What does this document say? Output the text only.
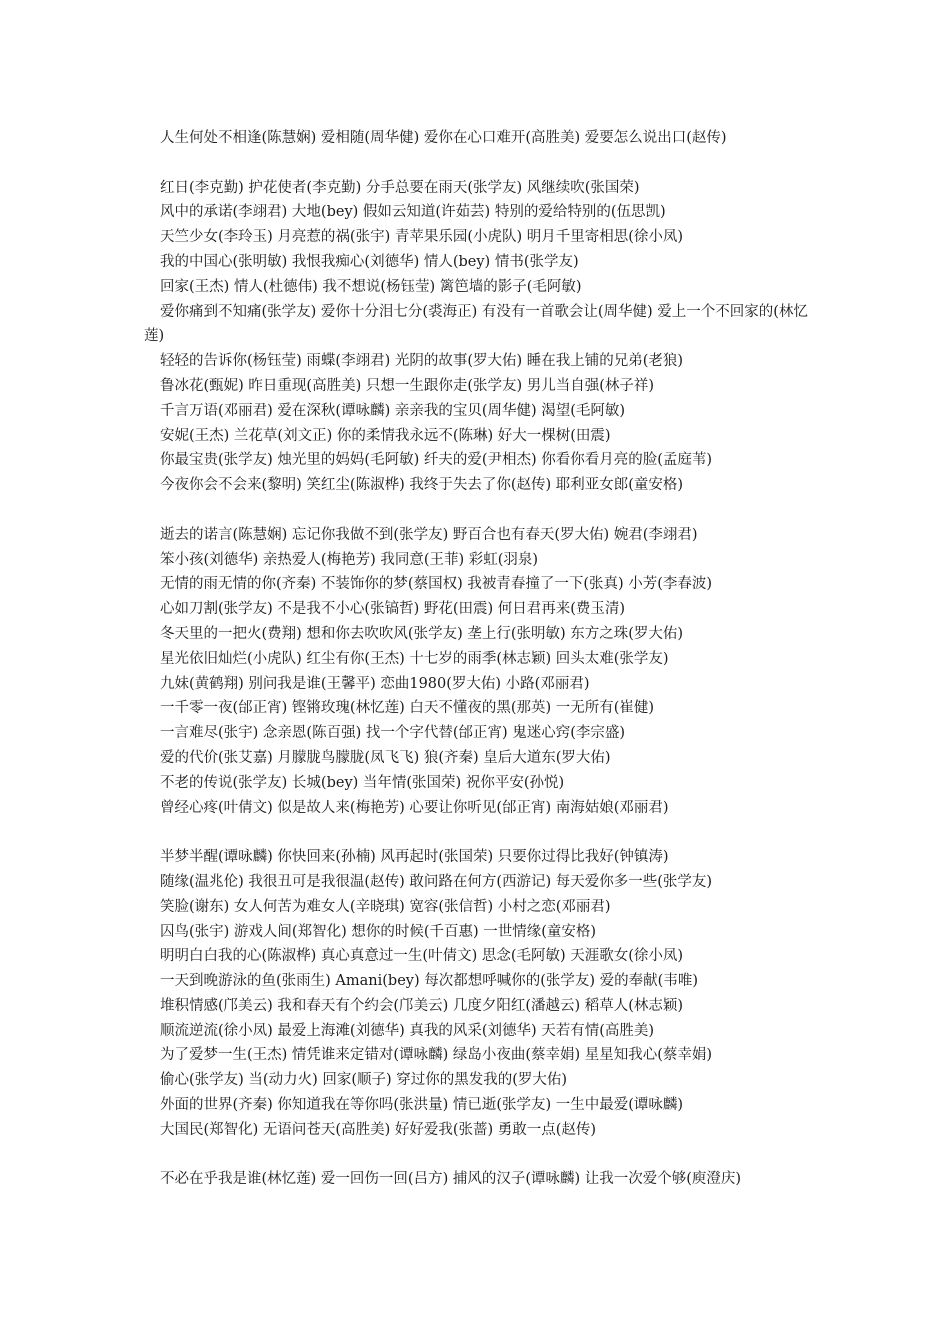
人生何处不相逢(陈慧娴) 爱相随(周华健) 爱你在心口难开(高胜美) 爱要怎么说出口(赵传)
红日(李克勤) 护花使者(李克勤) 分手总要在雨天(张学友) 风继续吹(张国荣)
风中的承诺(李翊君) 大地(bey) 假如云知道(许茹芸) 特别的爱给特别的(伍思凯)
天竺少女(李玲玉) 月亮惹的祸(张宇) 青苹果乐园(小虎队) 明月千里寄相思(徐小凤)
我的中国心(张明敏) 我恨我痴心(刘德华) 情人(bey) 情书(张学友)
回家(王杰) 情人(杜德伟) 我不想说(杨钰莹) 篱笆墙的影子(毛阿敏)
爱你痛到不知痛(张学友) 爱你十分泪七分(裘海正) 有没有一首歌会让(周华健) 爱上一个不回家的(林忆莲)
轻轻的告诉你(杨钰莹) 雨蝶(李翊君) 光阴的故事(罗大佑) 睡在我上铺的兄弟(老狼)
鲁冰花(甄妮) 昨日重现(高胜美) 只想一生跟你走(张学友) 男儿当自强(林子祥)
千言万语(邓丽君) 爱在深秋(谭咏麟) 亲亲我的宝贝(周华健) 渴望(毛阿敏)
安妮(王杰) 兰花草(刘文正) 你的柔情我永远不(陈琳) 好大一棵树(田震)
你最宝贵(张学友) 烛光里的妈妈(毛阿敏) 纤夫的爱(尹相杰) 你看你看月亮的脸(孟庭苇)
今夜你会不会来(黎明) 笑红尘(陈淑桦) 我终于失去了你(赵传) 耶利亚女郎(童安格)
逝去的诺言(陈慧娴) 忘记你我做不到(张学友) 野百合也有春天(罗大佑) 婉君(李翊君)
笨小孩(刘德华) 亲热爱人(梅艳芳) 我同意(王菲) 彩虹(羽泉)
无情的雨无情的你(齐秦) 不装饰你的梦(蔡国权) 我被青春撞了一下(张真) 小芳(李春波)
心如刀割(张学友) 不是我不小心(张镐哲) 野花(田震) 何日君再来(费玉清)
冬天里的一把火(费翔) 想和你去吹吹风(张学友) 垄上行(张明敏) 东方之珠(罗大佑)
星光依旧灿烂(小虎队) 红尘有你(王杰) 十七岁的雨季(林志颖) 回头太难(张学友)
九妹(黄鹤翔) 别问我是谁(王馨平) 恋曲1980(罗大佑) 小路(邓丽君)
一千零一夜(邰正宵) 铿锵玫瑰(林忆莲) 白天不懂夜的黑(那英) 一无所有(崔健)
一言难尽(张宇) 念亲恩(陈百强) 找一个字代替(邰正宵) 鬼迷心窍(李宗盛)
爱的代价(张艾嘉) 月朦胧鸟朦胧(凤飞飞) 狼(齐秦) 皇后大道东(罗大佑)
不老的传说(张学友) 长城(bey) 当年情(张国荣) 祝你平安(孙悦)
曾经心疼(叶倩文) 似是故人来(梅艳芳) 心要让你听见(邰正宵) 南海姑娘(邓丽君)
半梦半醒(谭咏麟) 你快回来(孙楠) 风再起时(张国荣) 只要你过得比我好(钟镇涛)
随缘(温兆伦) 我很丑可是我很温(赵传) 敢问路在何方(西游记) 每天爱你多一些(张学友)
笑脸(谢东) 女人何苦为难女人(辛晓琪) 宽容(张信哲) 小村之恋(邓丽君)
囚鸟(张宇) 游戏人间(郑智化) 想你的时候(千百惠) 一世情缘(童安格)
明明白白我的心(陈淑桦) 真心真意过一生(叶倩文) 思念(毛阿敏) 天涯歌女(徐小凤)
一天到晚游泳的鱼(张雨生) Amani(bey) 每次都想呼喊你的(张学友) 爱的奉献(韦唯)
堆积情感(邝美云) 我和春天有个约会(邝美云) 几度夕阳红(潘越云) 稻草人(林志颖)
顺流逆流(徐小凤) 最爱上海滩(刘德华) 真我的风采(刘德华) 天若有情(高胜美)
为了爱梦一生(王杰) 情凭谁来定错对(谭咏麟) 绿岛小夜曲(蔡幸娟) 星星知我心(蔡幸娟)
偷心(张学友) 当(动力火) 回家(顺子) 穿过你的黑发我的(罗大佑)
外面的世界(齐秦) 你知道我在等你吗(张洪量) 情已逝(张学友) 一生中最爱(谭咏麟)
大国民(郑智化) 无语问苍天(高胜美) 好好爱我(张蔷) 勇敢一点(赵传)
不必在乎我是谁(林忆莲) 爱一回伤一回(吕方) 捕风的汉子(谭咏麟) 让我一次爱个够(庾澄庆)
